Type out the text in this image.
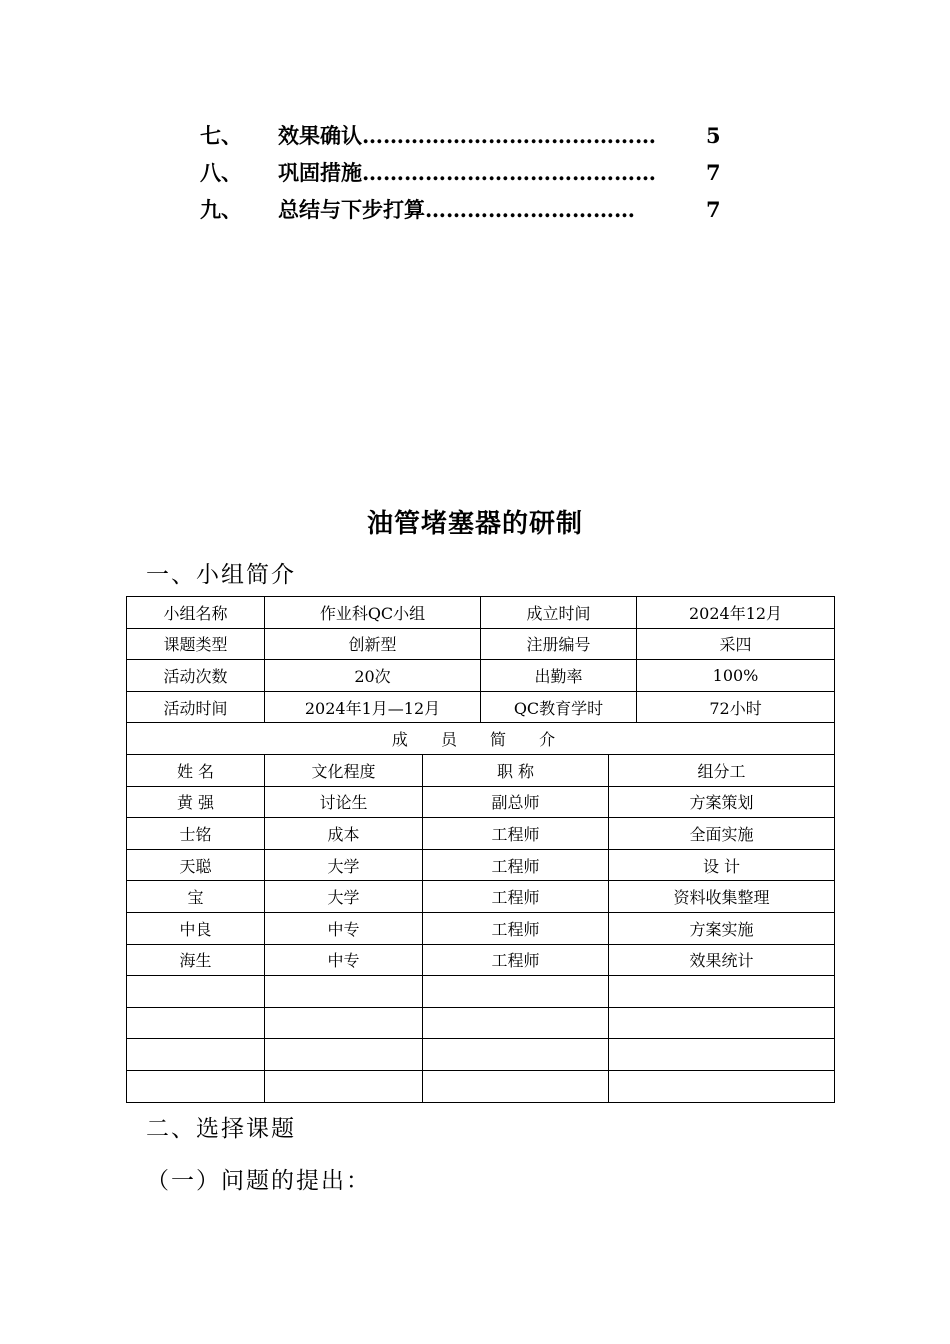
七、	效果确认…………………………………… 5
八、	巩固措施…………………………………… 7
九、	总结与下步打算…………………………	7
油管堵塞器的研制
一、小组简介
小组名称	作业科QC小组		成立时间		2024年12月
课题类型	创新型		注册编号		采四
活动次数	20次		出勤率		100%
活动时间	2024年1月—12月		QC教育学时		72小时
成 员 简 介					
姓 名	文化程度	职 称		组分工	
黄 强	讨论生	副总师		方案策划	
士铭	成本	工程师		全面实施	
天聪	大学	工程师		设 计	
宝	大学	工程师		资料收集整理	
中良	中专	工程师		方案实施	
海生	中专	工程师		效果统计	

二、选择课题
（一）问题的提出：
